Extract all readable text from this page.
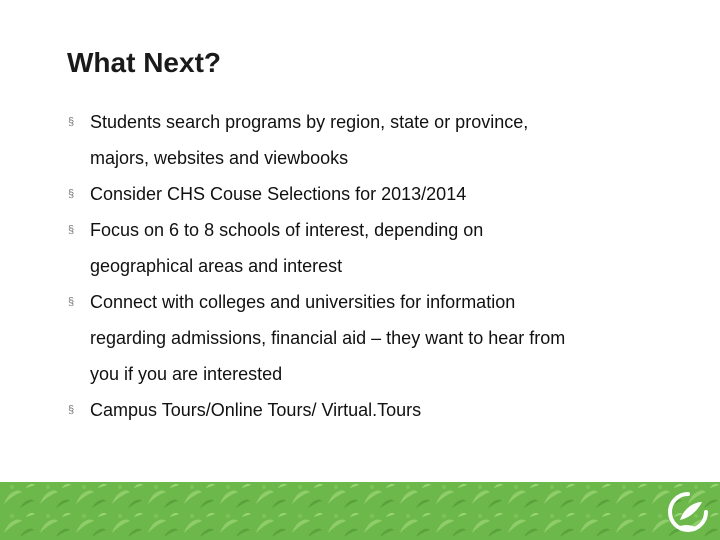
What Next?
§ Students search programs by region, state or province, majors, websites and viewbooks
§ Consider CHS Couse Selections for 2013/2014
§ Focus on 6 to 8 schools of interest, depending on geographical areas and interest
§ Connect with colleges and universities for information regarding admissions, financial aid – they want to hear from you if you are interested
§ Campus Tours/Online Tours/ Virtual.Tours
